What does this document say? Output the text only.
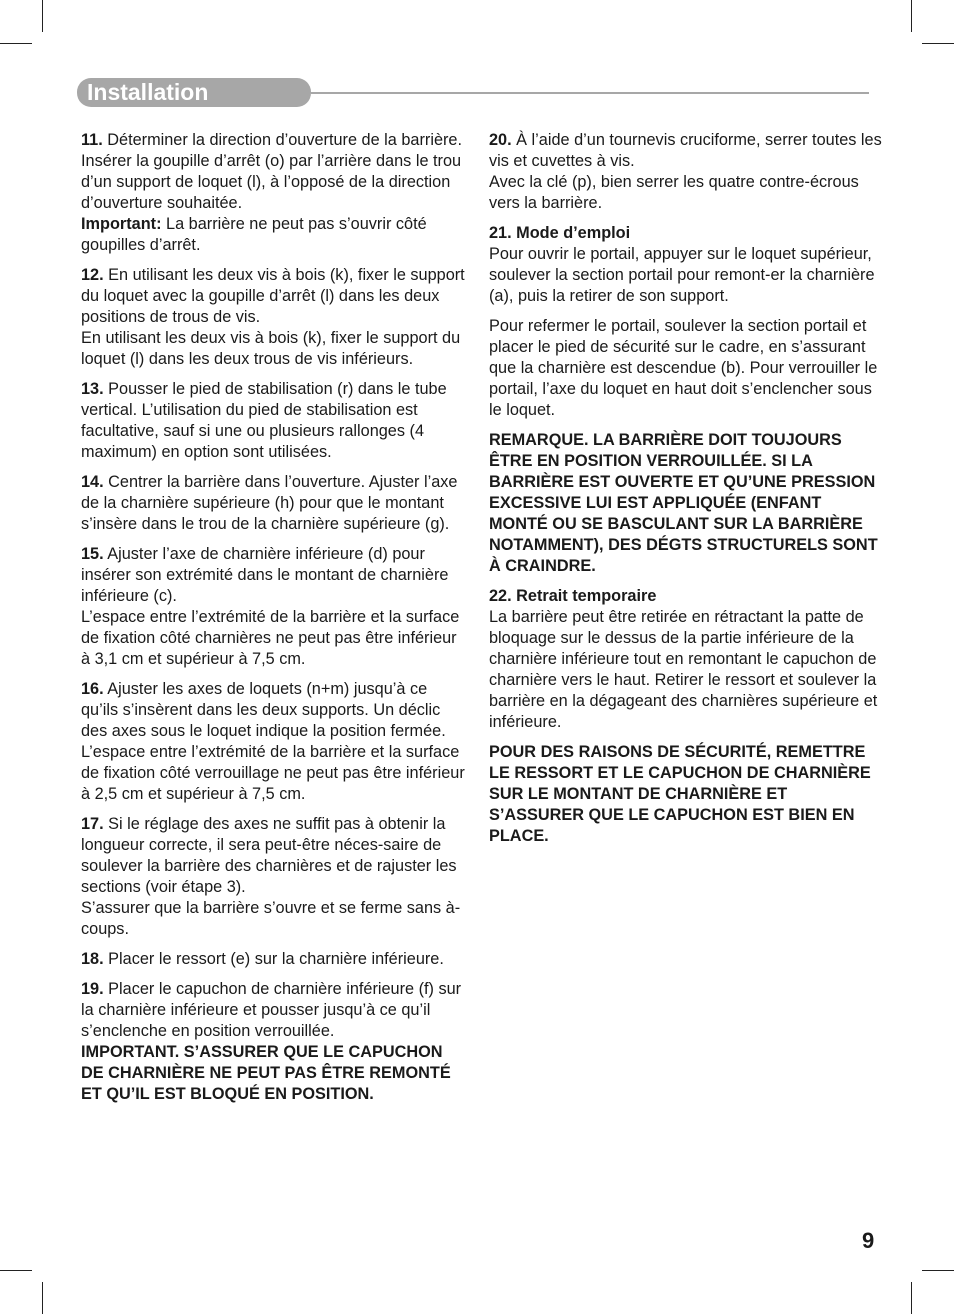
Installation

11. Déterminer la direction d’ouverture de la barrière. Insérer la goupille d’arrêt (o) par l’arrière dans le trou d’un support de loquet (l), à l’opposé de la direction d’ouverture souhaitée.

Important: La barrière ne peut pas s’ouvrir côté goupilles d’arrêt.

12. En utilisant les deux vis à bois (k), fixer le support du loquet avec la goupille d’arrêt (l) dans les deux positions de trous de vis.

En utilisant les deux vis à bois (k), fixer le support du loquet (l) dans les deux trous de vis inférieurs.

13. Pousser le pied de stabilisation (r) dans le tube vertical. L’utilisation du pied de stabilisation est facultative, sauf si une ou plusieurs rallonges (4 maximum) en option sont utilisées.

14. Centrer la barrière dans l’ouverture. Ajuster l’axe de la charnière supérieure (h) pour que le montant s’insère dans le trou de la charnière supérieure (g).

15. Ajuster l’axe de charnière inférieure (d) pour insérer son extrémité dans le montant de charnière inférieure (c).

L’espace entre l’extrémité de la barrière et la surface de fixation côté charnières ne peut pas être inférieur à 3,1 cm et supérieur à 7,5 cm.

16. Ajuster les axes de loquets (n+m) jusqu’à ce qu’ils s’insèrent dans les deux supports. Un déclic des axes sous le loquet indique la position fermée.

L’espace entre l’extrémité de la barrière et la surface de fixation côté verrouillage ne peut pas être inférieur à 2,5 cm et supérieur à 7,5 cm.

17. Si le réglage des axes ne suffit pas à obtenir la longueur correcte, il sera peut-être néces-saire de soulever la barrière des charnières et de rajuster les sections (voir étape 3).

S’assurer que la barrière s’ouvre et se ferme sans à-coups.

18. Placer le ressort (e) sur la charnière inférieure.

19. Placer le capuchon de charnière inférieure (f) sur la charnière inférieure et pousser jusqu’à ce qu’il s’enclenche en position verrouillée.

IMPORTANT. S’ASSURER QUE LE CAPUCHON DE CHARNIÈRE NE PEUT PAS ÊTRE REMONTÉ ET QU’IL EST BLOQUÉ EN POSITION.

20. À l’aide d’un tournevis cruciforme, serrer toutes les vis et cuvettes à vis.

Avec la clé (p), bien serrer les quatre contre-écrous vers la barrière.

21. Mode d’emploi

Pour ouvrir le portail, appuyer sur le loquet supérieur, soulever la section portail pour remont-er la charnière (a), puis la retirer de son support.

Pour refermer le portail, soulever la section portail et placer le pied de sécurité sur le cadre, en s’assurant que la charnière est descendue (b). Pour verrouiller le portail, l’axe du loquet en haut doit s’enclencher sous le loquet.

REMARQUE. LA BARRIÈRE DOIT TOUJOURS ÊTRE EN POSITION VERROUILLÉE. SI LA BARRIÈRE EST OUVERTE ET QU’UNE PRESSION EXCESSIVE LUI EST APPLIQUÉE (ENFANT MONTÉ OU SE BASCULANT SUR LA BARRIÈRE NOTAMMENT), DES DÉGTS STRUCTURELS SONT À CRAINDRE.

22. Retrait temporaire

La barrière peut être retirée en rétractant la patte de bloquage sur le dessus de la partie inférieure de la charnière inférieure tout en remontant le capuchon de charnière vers le haut. Retirer le ressort et soulever la barrière en la dégageant des charnières supérieure et inférieure.

POUR DES RAISONS DE SÉCURITÉ, REMETTRE LE RESSORT ET LE CAPUCHON DE CHARNIÈRE SUR LE MONTANT DE CHARNIÈRE ET S’ASSURER QUE LE CAPUCHON EST BIEN EN PLACE.

9
